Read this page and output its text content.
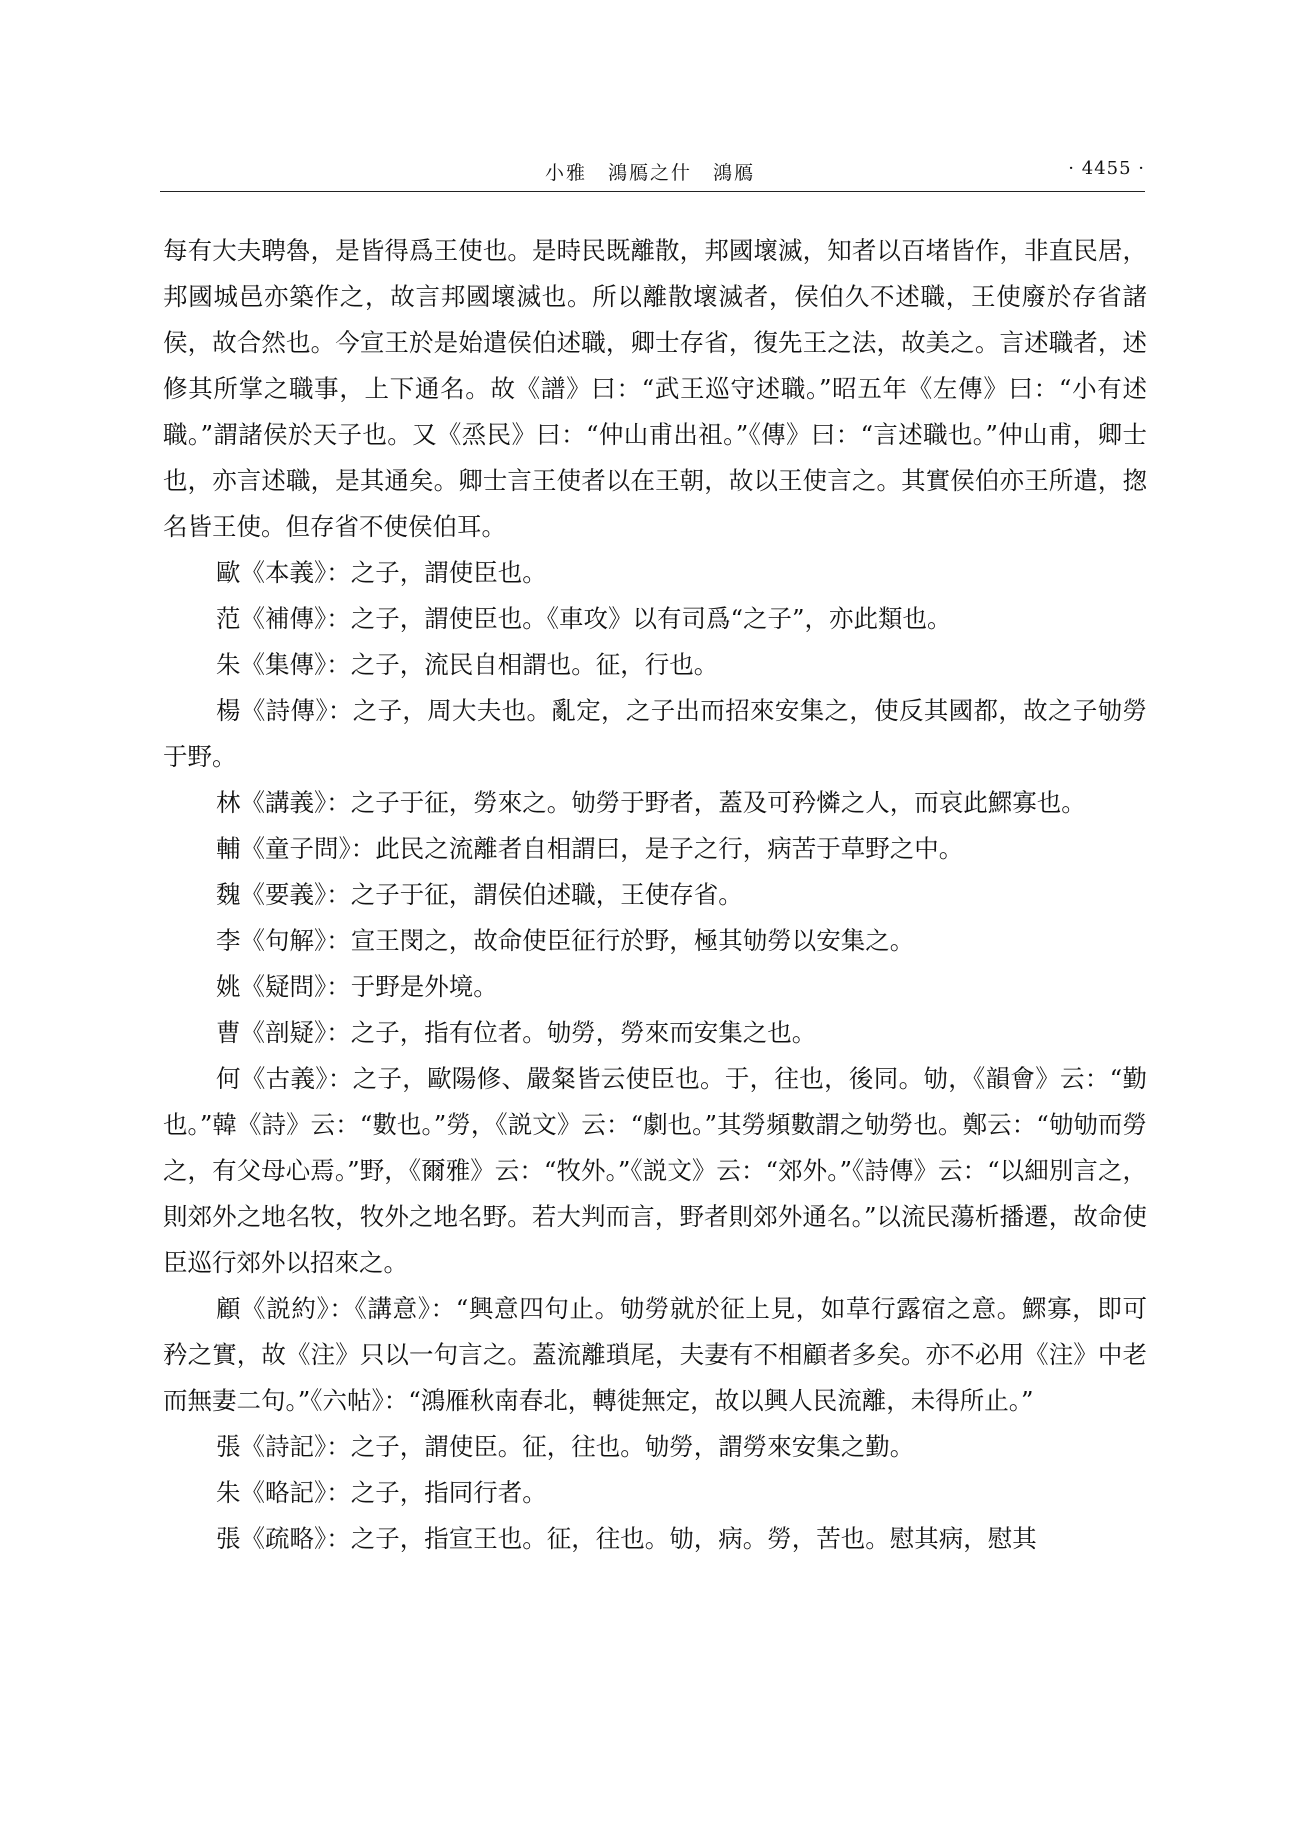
小雅　鴻鴈之什　鴻鴈	· 4455 ·

每有大夫聘魯，是皆得爲王使也。是時民既離散，邦國壞滅，知者以百堵皆作，非直民居，邦國城邑亦築作之，故言邦國壞滅也。所以離散壞滅者，侯伯久不述職，王使廢於存省諸侯，故合然也。今宣王於是始遣侯伯述職，卿士存省，復先王之法，故美之。言述職者，述修其所掌之職事，上下通名。故《譜》曰：“武王巡守述職。”昭五年《左傳》曰：“小有述職。”謂諸侯於天子也。又《烝民》曰：“仲山甫出祖。”《傳》曰：“言述職也。”仲山甫，卿士也，亦言述職，是其通矣。卿士言王使者以在王朝，故以王使言之。其實侯伯亦王所遣，揔名皆王使。但存省不使侯伯耳。

歐《本義》：之子，謂使臣也。

范《補傳》：之子，謂使臣也。《車攻》以有司爲“之子”，亦此類也。

朱《集傳》：之子，流民自相謂也。征，行也。

楊《詩傳》：之子，周大夫也。亂定，之子出而招來安集之，使反其國都，故之子劬勞于野。

林《講義》：之子于征，勞來之。劬勞于野者，蓋及可矜憐之人，而哀此鰥寡也。

輔《童子問》：此民之流離者自相謂曰，是子之行，病苦于草野之中。

魏《要義》：之子于征，謂侯伯述職，王使存省。

李《句解》：宣王閔之，故命使臣征行於野，極其劬勞以安集之。

姚《疑問》：于野是外境。

曹《剖疑》：之子，指有位者。劬勞，勞來而安集之也。

何《古義》：之子，歐陽修、嚴粲皆云使臣也。于，往也，後同。劬，《韻會》云：“勤也。”韓《詩》云：“數也。”勞，《説文》云：“劇也。”其勞頻數謂之劬勞也。鄭云：“劬劬而勞之，有父母心焉。”野，《爾雅》云：“牧外。”《説文》云：“郊外。”《詩傳》云：“以細別言之，則郊外之地名牧，牧外之地名野。若大判而言，野者則郊外通名。”以流民蕩析播遷，故命使臣巡行郊外以招來之。

顧《説約》：《講意》：“興意四句止。劬勞就於征上見，如草行露宿之意。鰥寡，即可矜之實，故《注》只以一句言之。蓋流離瑣尾，夫妻有不相顧者多矣。亦不必用《注》中老而無妻二句。”《六帖》：“鴻雁秋南春北，轉徙無定，故以興人民流離，未得所止。”

張《詩記》：之子，謂使臣。征，往也。劬勞，謂勞來安集之勤。

朱《略記》：之子，指同行者。

張《疏略》：之子，指宣王也。征，往也。劬，病。勞，苦也。慰其病，慰其
